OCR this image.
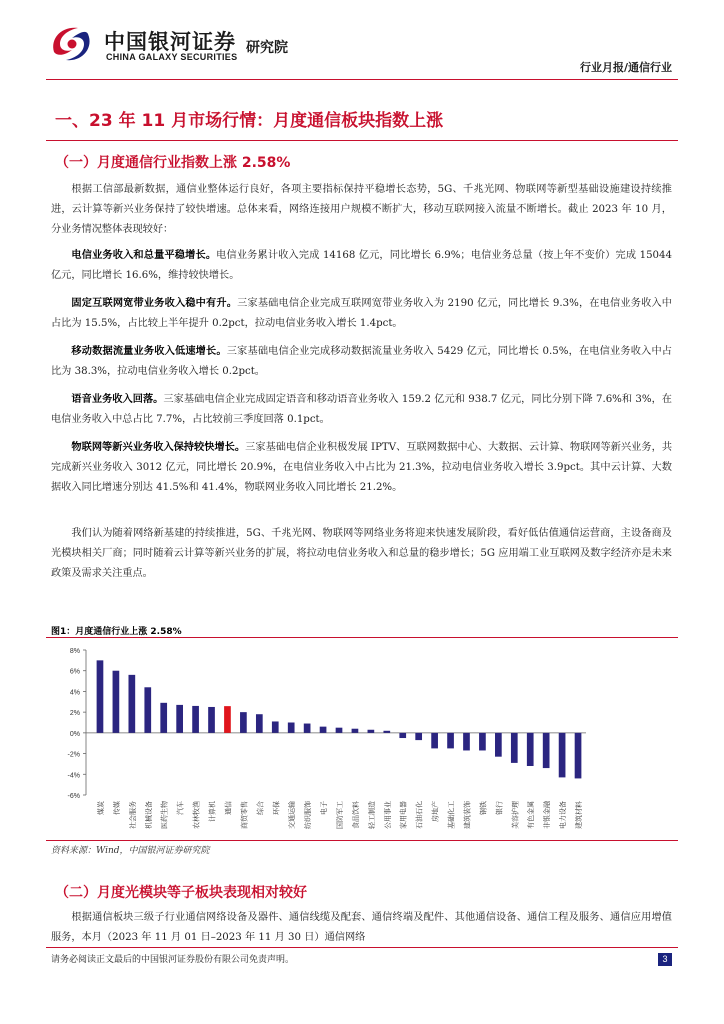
中国银河证券
CHINA GALAXY SECURITIES
研究院
行业月报/通信行业
一、23 年 11 月市场行情：月度通信板块指数上涨
（一）月度通信行业指数上涨 2.58%

根据工信部最新数据，通信业整体运行良好，各项主要指标保持平稳增长态势，5G、千兆光网、物联网等新型基础设施建设持续推进，云计算等新兴业务保持了较快增速。总体来看，网络连接用户规模不断扩大，移动互联网接入流量不断增长。截止 2023 年 10 月，分业务情况整体表现较好：

电信业务收入和总量平稳增长。电信业务累计收入完成 14168 亿元，同比增长 6.9%；电信业务总量（按上年不变价）完成 15044 亿元，同比增长 16.6%，维持较快增长。

固定互联网宽带业务收入稳中有升。三家基础电信企业完成互联网宽带业务收入为 2190 亿元，同比增长 9.3%，在电信业务收入中占比为 15.5%，占比较上半年提升 0.2pct，拉动电信业务收入增长 1.4pct。

移动数据流量业务收入低速增长。三家基础电信企业完成移动数据流量业务收入 5429 亿元，同比增长 0.5%，在电信业务收入中占比为 38.3%，拉动电信业务收入增长 0.2pct。

语音业务收入回落。三家基础电信企业完成固定语音和移动语音业务收入 159.2 亿元和 938.7 亿元，同比分别下降 7.6%和 3%，在电信业务收入中总占比 7.7%，占比较前三季度回落 0.1pct。

物联网等新兴业务收入保持较快增长。三家基础电信企业积极发展 IPTV、互联网数据中心、大数据、云计算、物联网等新兴业务，共完成新兴业务收入 3012 亿元，同比增长 20.9%，在电信业务收入中占比为 21.3%，拉动电信业务收入增长 3.9pct。其中云计算、大数据收入同比增速分别达 41.5%和 41.4%，物联网业务收入同比增长 21.2%。

我们认为随着网络新基建的持续推进，5G、千兆光网、物联网等网络业务将迎来快速发展阶段，看好低估值通信运营商，主设备商及光模块相关厂商；同时随着云计算等新兴业务的扩展，将拉动电信业务收入和总量的稳步增长；5G 应用端工业互联网及数字经济亦是未来政策及需求关注重点。

图1：月度通信行业上涨 2.58%
8%
6%
4%
2%
0%
-2%
-4%
-6%
煤炭 传媒 社会服务 机械设备 医药生物 汽车 农林牧渔 计算机 通信 商贸零售 综合 环保 交通运输 纺织服饰 电子 国防军工 食品饮料 轻工制造 公用事业 家用电器 石油石化 房地产 基础化工 建筑装饰 钢铁 银行 美容护理 有色金属 非银金融 电力设备 建筑材料
资料来源：Wind，中国银河证券研究院
（二）月度光模块等子板块表现相对较好

根据通信板块三级子行业通信网络设备及器件、通信线缆及配套、通信终端及配件、其他通信设备、通信工程及服务、通信应用增值服务，本月（2023 年 11 月 01 日–2023 年 11 月 30 日）通信网络

请务必阅读正文最后的中国银河证券股份有限公司免责声明。	3
